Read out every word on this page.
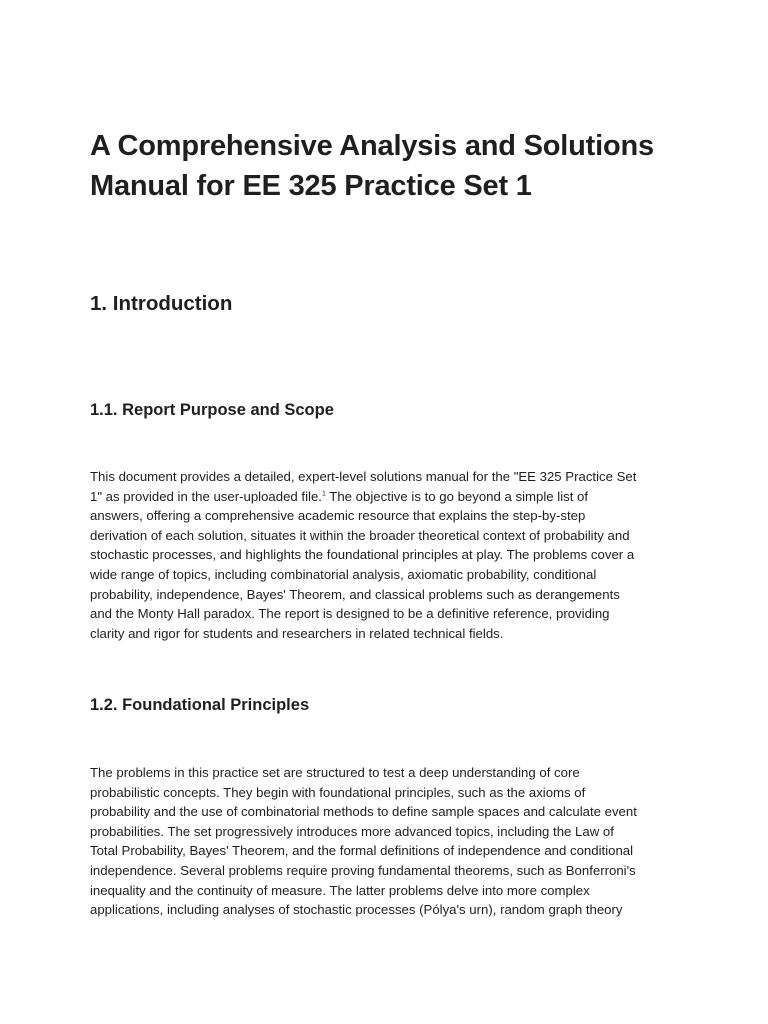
A Comprehensive Analysis and Solutions Manual for EE 325 Practice Set 1
1. Introduction
1.1. Report Purpose and Scope

This document provides a detailed, expert-level solutions manual for the "EE 325 Practice Set
1" as provided in the user-uploaded file.$^1$ The objective is to go beyond a simple list of
answers, offering a comprehensive academic resource that explains the step-by-step
derivation of each solution, situates it within the broader theoretical context of probability and
stochastic processes, and highlights the foundational principles at play. The problems cover a
wide range of topics, including combinatorial analysis, axiomatic probability, conditional
probability, independence, Bayes' Theorem, and classical problems such as derangements
and the Monty Hall paradox. The report is designed to be a definitive reference, providing
clarity and rigor for students and researchers in related technical fields.

1.2. Foundational Principles

The problems in this practice set are structured to test a deep understanding of core
probabilistic concepts. They begin with foundational principles, such as the axioms of
probability and the use of combinatorial methods to define sample spaces and calculate event
probabilities. The set progressively introduces more advanced topics, including the Law of
Total Probability, Bayes' Theorem, and the formal definitions of independence and conditional
independence. Several problems require proving fundamental theorems, such as Bonferroni's
inequality and the continuity of measure. The latter problems delve into more complex
applications, including analyses of stochastic processes (Pólya's urn), random graph theory
